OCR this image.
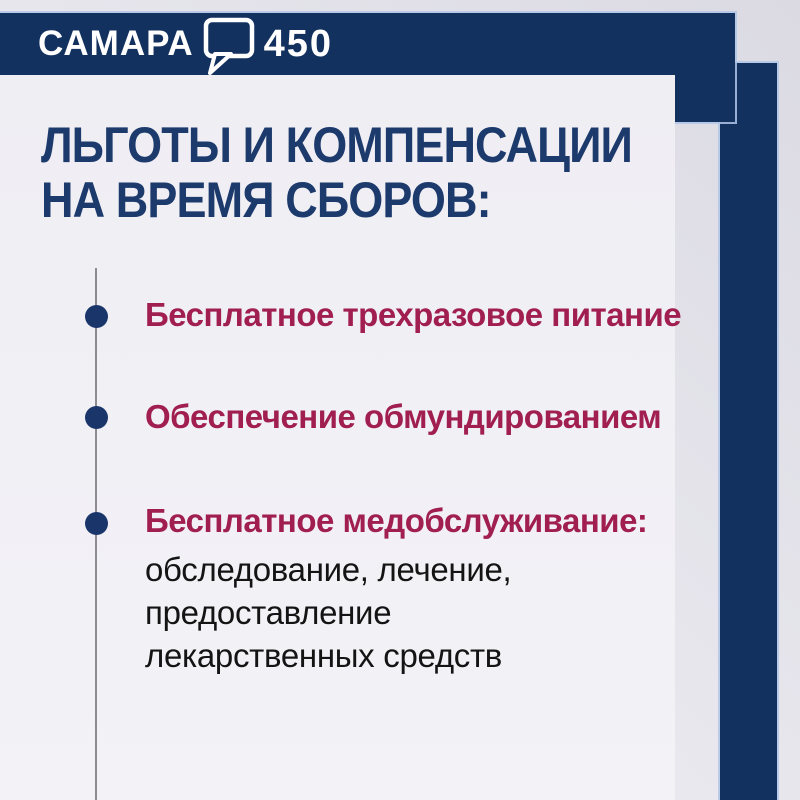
САМАРА 450
ЛЬГОТЫ И КОМПЕНСАЦИИ
НА ВРЕМЯ СБОРОВ:
Бесплатное трехразовое питание
Обеспечение обмундированием
Бесплатное медобслуживание:
обследование, лечение,
предоставление
лекарственных средств
